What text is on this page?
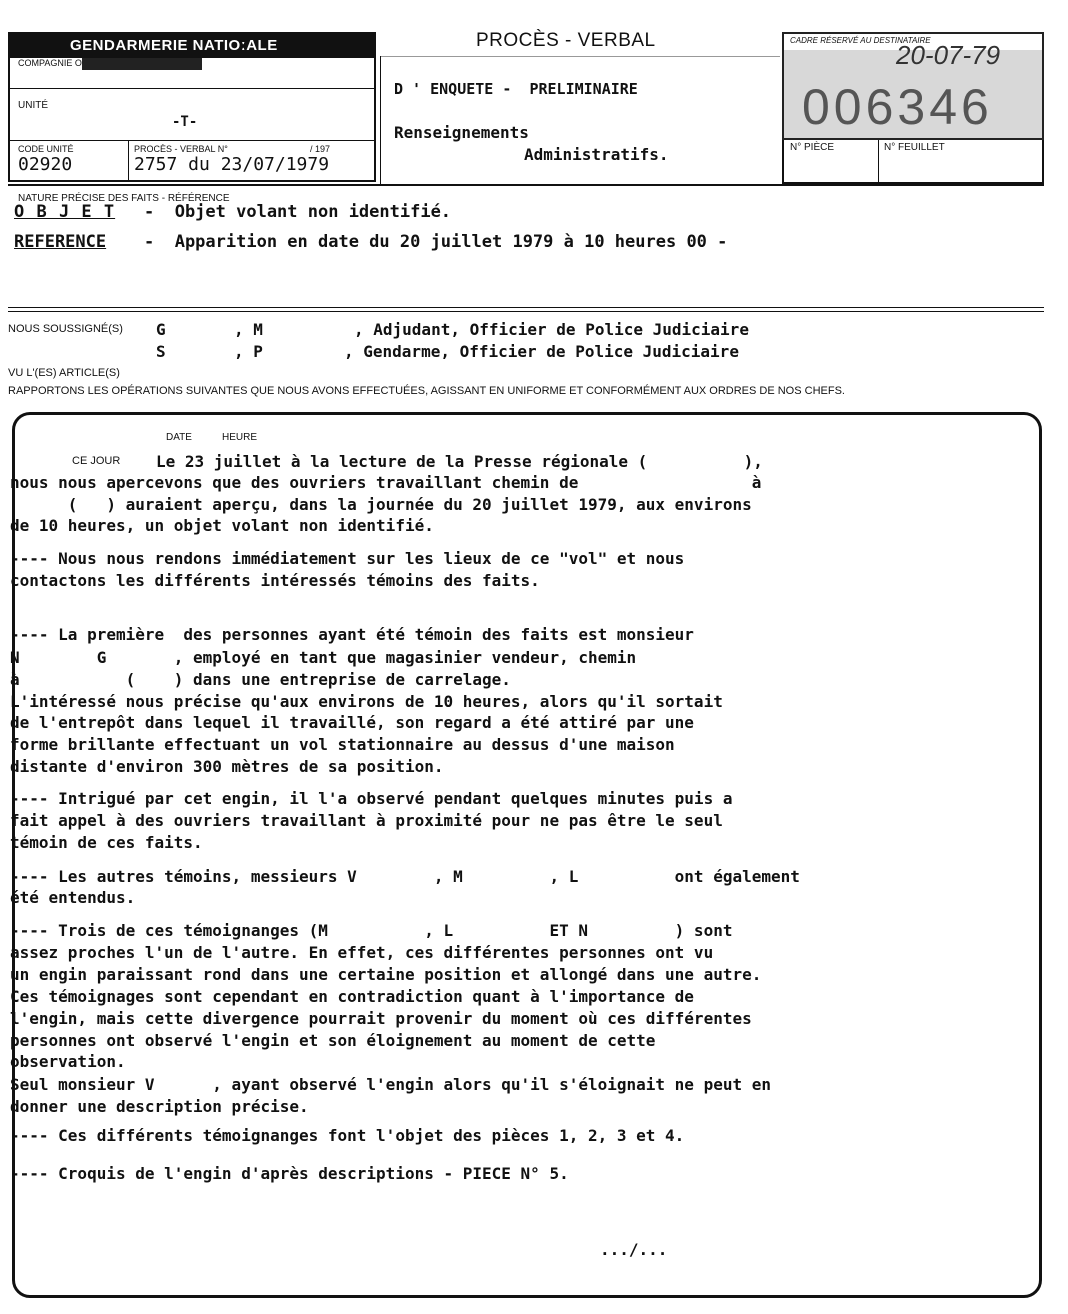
GENDARMERIE NATIOːALE
COMPAGNIE O
UNITÉ
-T-
CODE UNITÉ
02920
PROCÈS - VERBAL N°	/ 197
2757 du 23/07/1979
PROCÈS - VERBAL
D ' ENQUETE -  PRELIMINAIRE
Renseignements
Administratifs.
CADRE RÉSERVÉ AU DESTINATAIRE
20-07-79
006346
N° PIÈCE	N° FEUILLET
NATURE PRÉCISE DES FAITS - RÉFÉRENCE
O B J E T -  Objet volant non identifié.
REFERENCE -  Apparition en date du 20 juillet 1979 à 10 heures 00 -
NOUS SOUSSIGNÉ(S) G	, M	, Adjudant, Officier de Police Judiciaire
S	, P	, Gendarme, Officier de Police Judiciaire
VU L'(ES) ARTICLE(S)
RAPPORTONS LES OPÉRATIONS SUIVANTES QUE NOUS AVONS EFFECTUÉES, AGISSANT EN UNIFORME ET CONFORMÉMENT AUX ORDRES DE NOS CHEFS.
DATE	HEURE
CE JOUR Le 23 juillet à la lecture de la Presse régionale (          ),
nous nous apercevons que des ouvriers travaillant chemin de                  à
(   ) auraient aperçu, dans la journée du 20 juillet 1979, aux environs
de 10 heures, un objet volant non identifié.
---- Nous nous rendons immédiatement sur les lieux de ce "vol" et nous
contactons les différents intéressés témoins des faits.
---- La première  des personnes ayant été témoin des faits est monsieur
N        G       , employé en tant que magasinier vendeur, chemin
à           (    ) dans une entreprise de carrelage.
L'intéressé nous précise qu'aux environs de 10 heures, alors qu'il sortait
de l'entrepôt dans lequel il travaillé, son regard a été attiré par une
forme brillante effectuant un vol stationnaire au dessus d'une maison
distante d'environ 300 mètres de sa position.
---- Intrigué par cet engin, il l'a observé pendant quelques minutes puis a
fait appel à des ouvriers travaillant à proximité pour ne pas être le seul
témoin de ces faits.
---- Les autres témoins, messieurs V        , M         , L          ont également
été entendus.
---- Trois de ces témoignanges (M          , L          ET N         ) sont
assez proches l'un de l'autre. En effet, ces différentes personnes ont vu
un engin paraissant rond dans une certaine position et allongé dans une autre.
Ces témoignages sont cependant en contradiction quant à l'importance de
l'engin, mais cette divergence pourrait provenir du moment où ces différentes
personnes ont observé l'engin et son éloignement au moment de cette
observation.
Seul monsieur V      , ayant observé l'engin alors qu'il s'éloignait ne peut en
donner une description précise.
---- Ces différents témoignanges font l'objet des pièces 1, 2, 3 et 4.
---- Croquis de l'engin d'après descriptions - PIECE N° 5.
.../...
